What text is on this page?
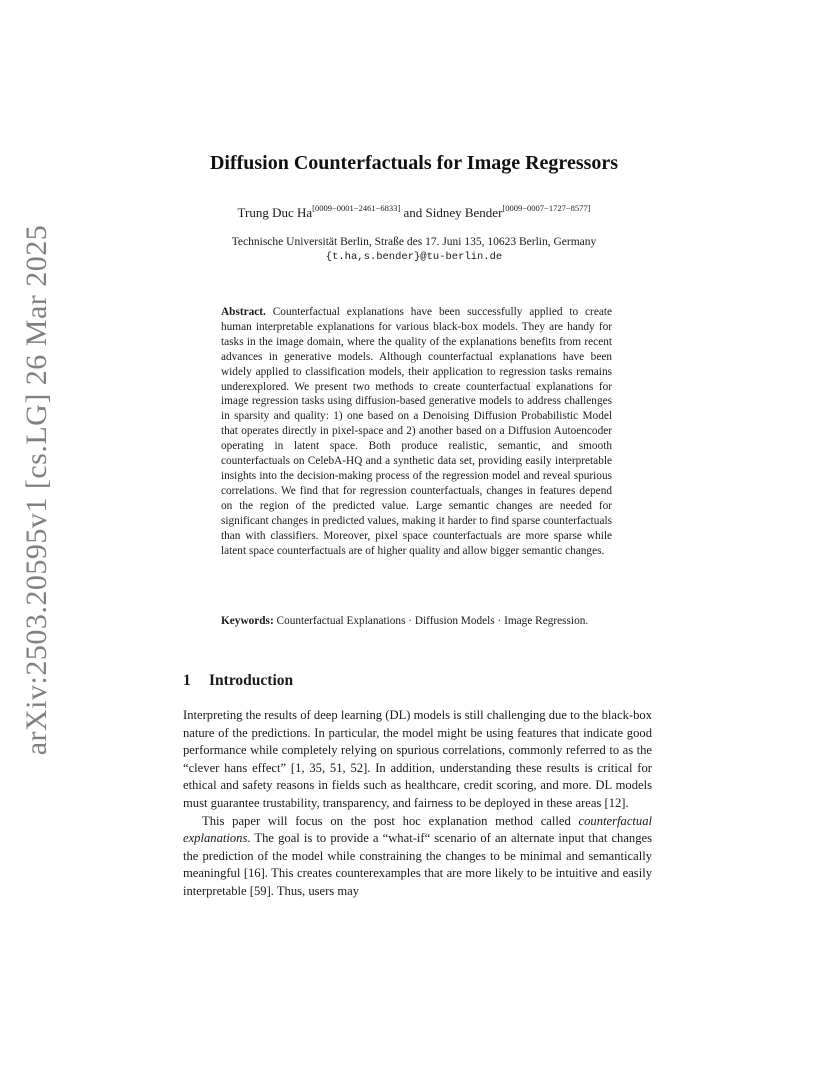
arXiv:2503.20595v1 [cs.LG] 26 Mar 2025
Diffusion Counterfactuals for Image Regressors
Trung Duc Ha[0009−0001−2461−6833] and Sidney Bender[0009−0007−1727−8577]
Technische Universität Berlin, Straße des 17. Juni 135, 10623 Berlin, Germany
{t.ha,s.bender}@tu-berlin.de
Abstract. Counterfactual explanations have been successfully applied to create human interpretable explanations for various black-box models. They are handy for tasks in the image domain, where the quality of the explanations benefits from recent advances in generative models. Although counterfactual explanations have been widely applied to classification models, their application to regression tasks remains underexplored. We present two methods to create counterfactual explanations for image regression tasks using diffusion-based generative models to address challenges in sparsity and quality: 1) one based on a Denoising Diffusion Probabilistic Model that operates directly in pixel-space and 2) another based on a Diffusion Autoencoder operating in latent space. Both produce realistic, semantic, and smooth counterfactuals on CelebA-HQ and a synthetic data set, providing easily interpretable insights into the decision-making process of the regression model and reveal spurious correlations. We find that for regression counterfactuals, changes in features depend on the region of the predicted value. Large semantic changes are needed for significant changes in predicted values, making it harder to find sparse counterfactuals than with classifiers. Moreover, pixel space counterfactuals are more sparse while latent space counterfactuals are of higher quality and allow bigger semantic changes.
Keywords: Counterfactual Explanations · Diffusion Models · Image Regression.
1 Introduction

Interpreting the results of deep learning (DL) models is still challenging due to the black-box nature of the predictions. In particular, the model might be using features that indicate good performance while completely relying on spurious correlations, commonly referred to as the “clever hans effect” [1, 35, 51, 52]. In addition, understanding these results is critical for ethical and safety reasons in fields such as healthcare, credit scoring, and more. DL models must guarantee trustability, transparency, and fairness to be deployed in these areas [12].

This paper will focus on the post hoc explanation method called counterfactual explanations. The goal is to provide a “what-if“ scenario of an alternate input that changes the prediction of the model while constraining the changes to be minimal and semantically meaningful [16]. This creates counterexamples that are more likely to be intuitive and easily interpretable [59]. Thus, users may
